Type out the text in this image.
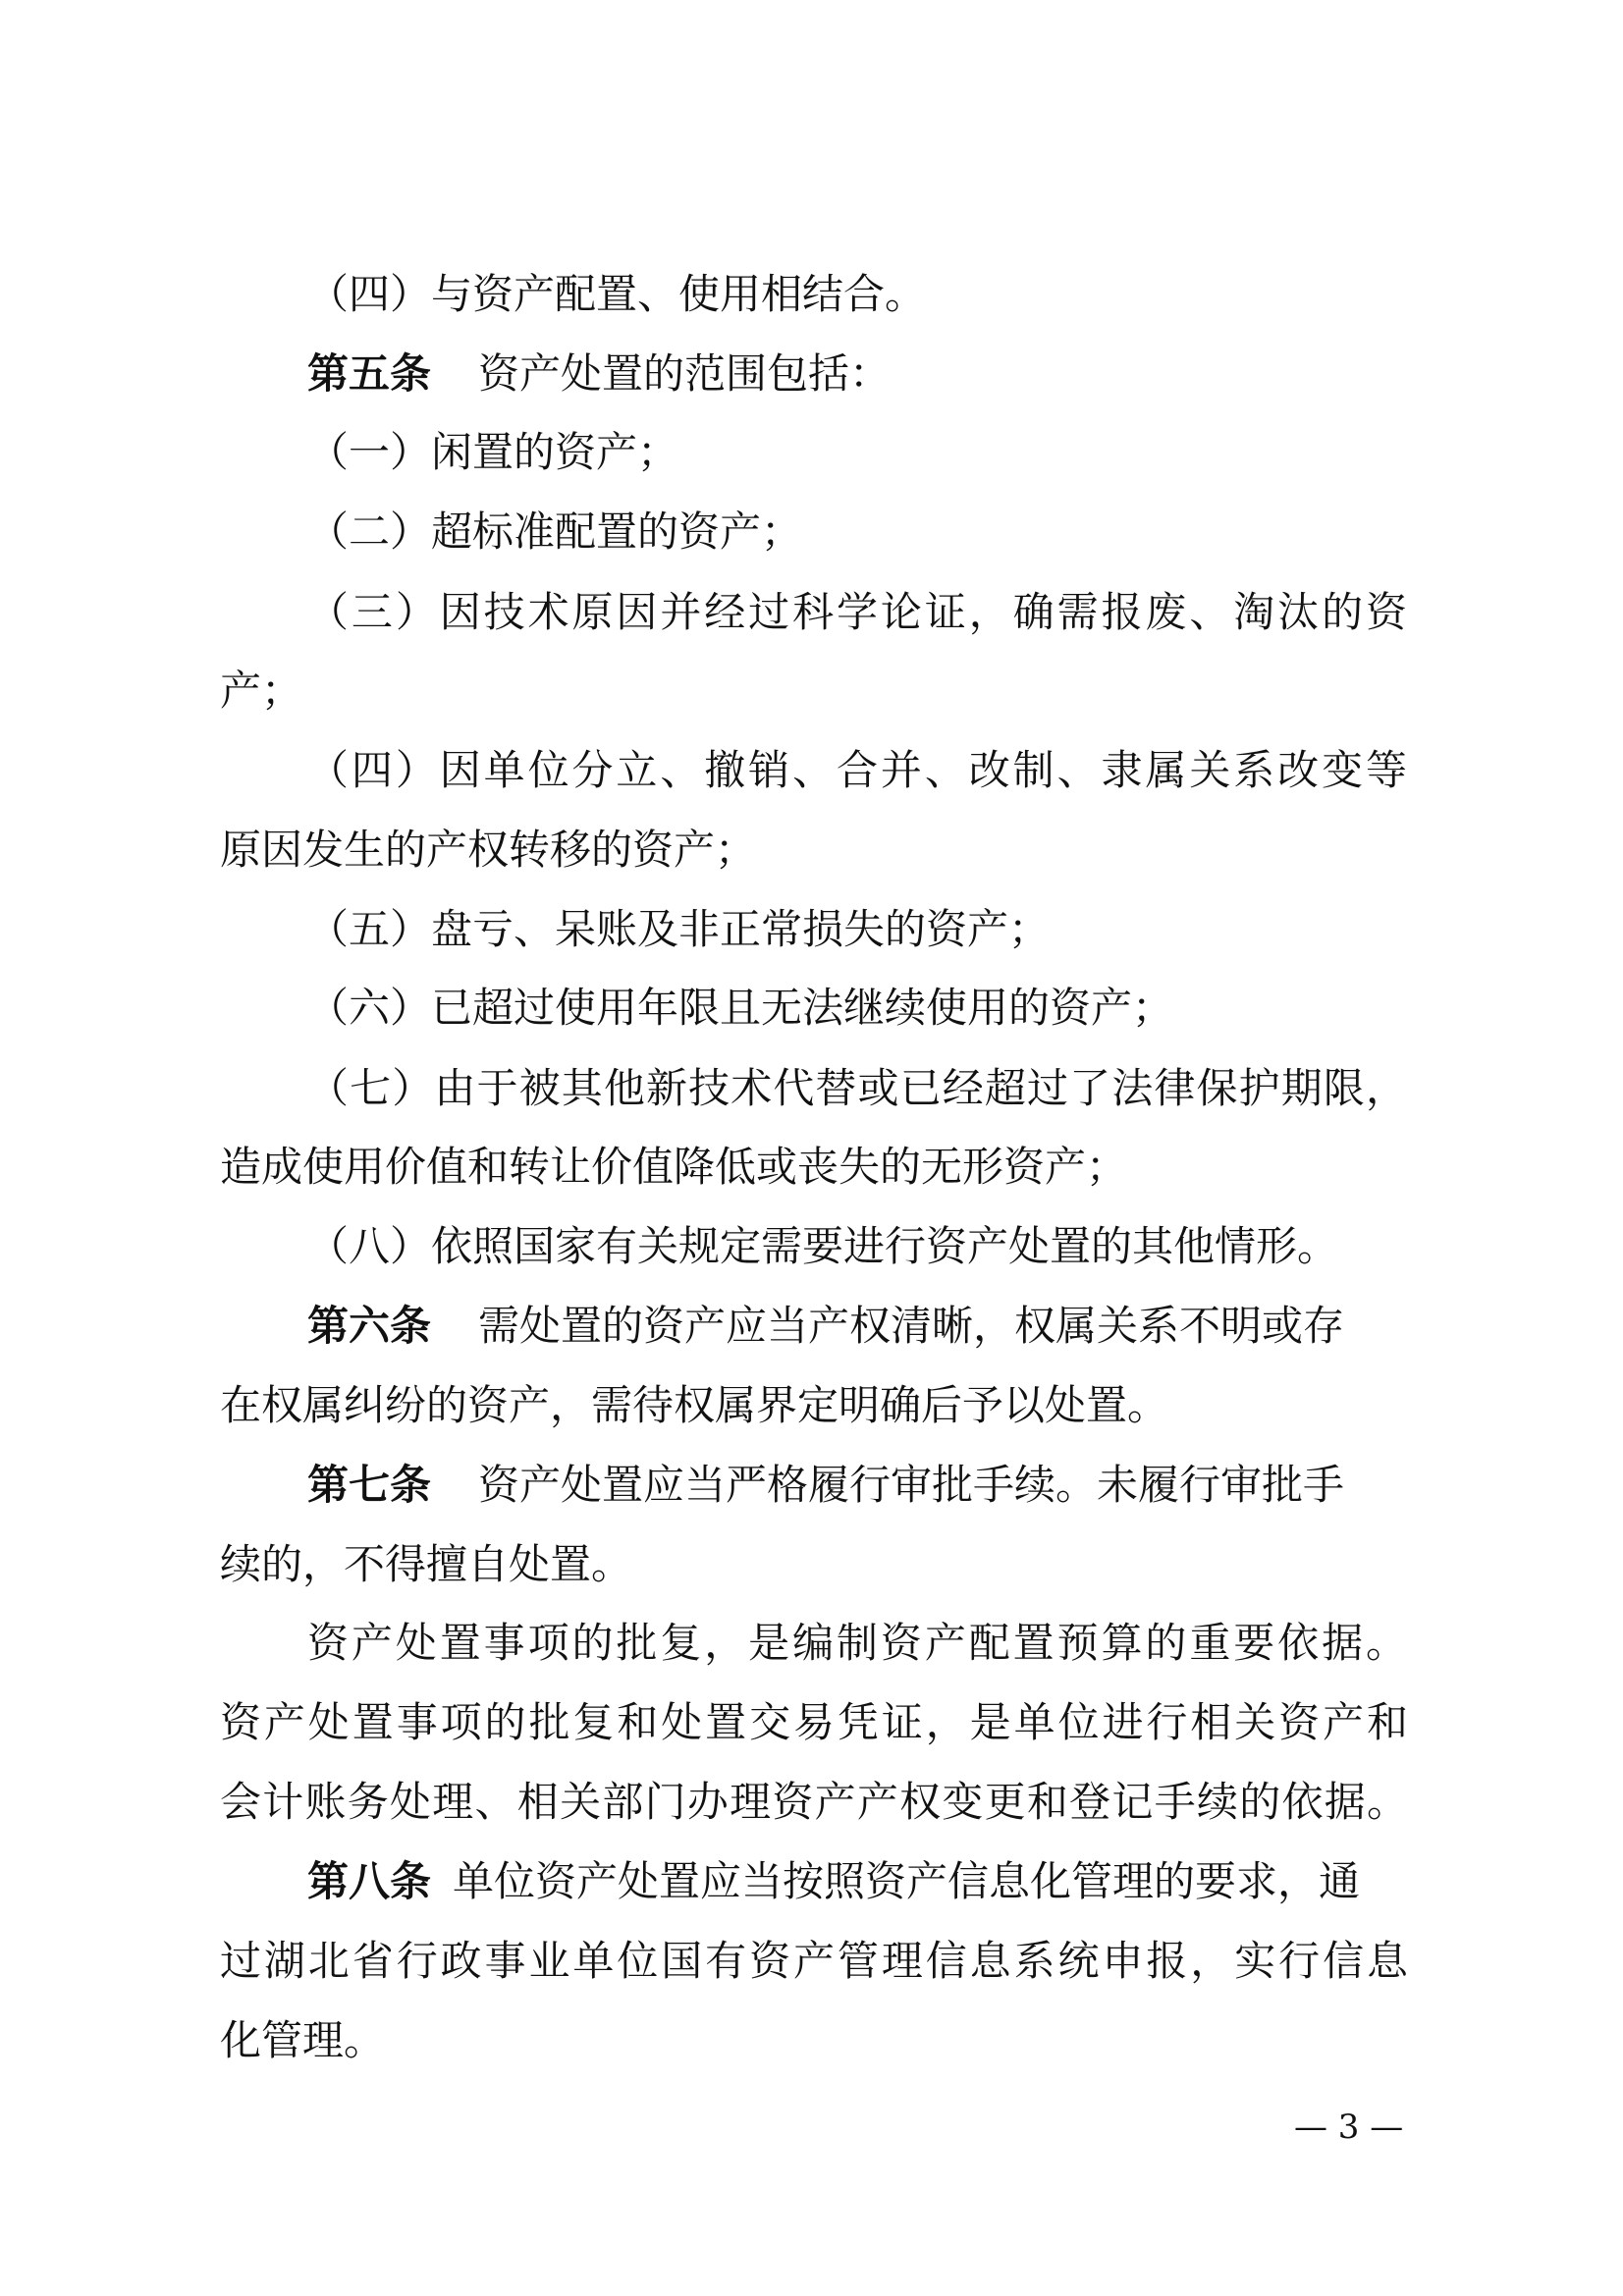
（四）与资产配置、使用相结合。
第五条 资产处置的范围包括：
（一）闲置的资产；
（二）超标准配置的资产；
（三）因技术原因并经过科学论证，确需报废、淘汰的资
产；
（四）因单位分立、撤销、合并、改制、隶属关系改变等
原因发生的产权转移的资产；
（五）盘亏、呆账及非正常损失的资产；
（六）已超过使用年限且无法继续使用的资产；
（七）由于被其他新技术代替或已经超过了法律保护期限，
造成使用价值和转让价值降低或丧失的无形资产；
（八）依照国家有关规定需要进行资产处置的其他情形。
第六条 需处置的资产应当产权清晰，权属关系不明或存
在权属纠纷的资产，需待权属界定明确后予以处置。
第七条 资产处置应当严格履行审批手续。未履行审批手
续的，不得擅自处置。
资产处置事项的批复，是编制资产配置预算的重要依据。
资产处置事项的批复和处置交易凭证，是单位进行相关资产和
会计账务处理、相关部门办理资产产权变更和登记手续的依据。
第八条 单位资产处置应当按照资产信息化管理的要求，通
过湖北省行政事业单位国有资产管理信息系统申报，实行信息
化管理。
— 3 —
